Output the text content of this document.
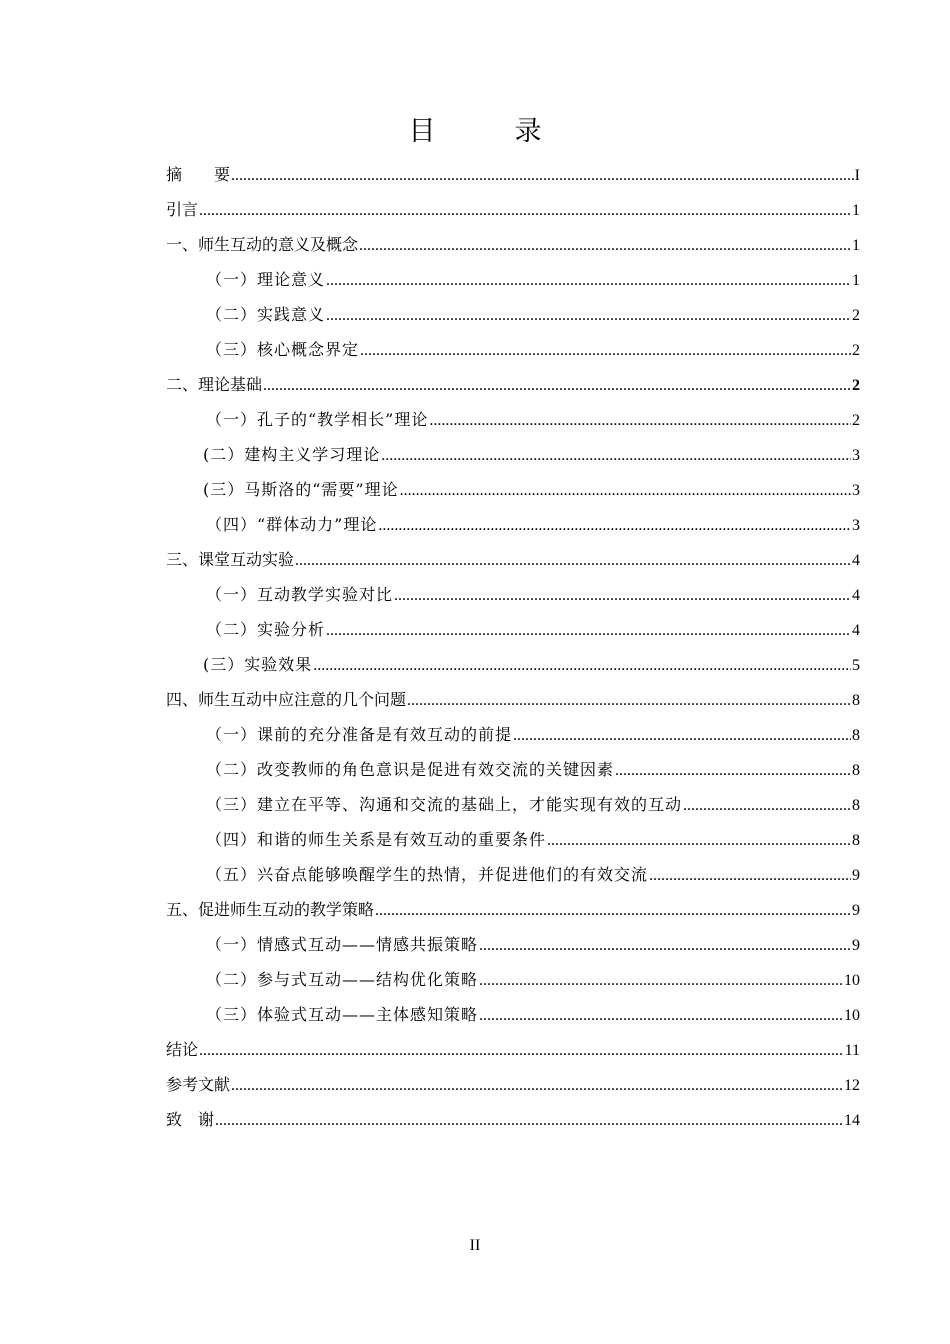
目　录
摘　　要 .....	I
引言 .....	1
一、师生互动的意义及概念 .....	1
（一）理论意义 .....	1
（二）实践意义 .....	2
（三）核心概念界定 .....	2
二、理论基础 .....	2
（一）孔子的“教学相长”理论 .....	2
(二）建构主义学习理论 .....	3
(三）马斯洛的“需要”理论 .....	3
（四）“群体动力”理论 .....	3
三、课堂互动实验 .....	4
（一）互动教学实验对比 .....	4
（二）实验分析 .....	4
(三）实验效果 .....	5
四、师生互动中应注意的几个问题 .....	8
（一）课前的充分准备是有效互动的前提 .....	8
（二）改变教师的角色意识是促进有效交流的关键因素 .....	8
（三）建立在平等、沟通和交流的基础上，才能实现有效的互动 .....	8
（四）和谐的师生关系是有效互动的重要条件 .....	8
（五）兴奋点能够唤醒学生的热情，并促进他们的有效交流 .....	9
五、促进师生互动的教学策略 .....	9
（一）情感式互动——情感共振策略 .....	9
（二）参与式互动——结构优化策略 .....	10
（三）体验式互动——主体感知策略 .....	10
结论 .....	11
参考文献 .....	12
致　谢 .....	14
II
